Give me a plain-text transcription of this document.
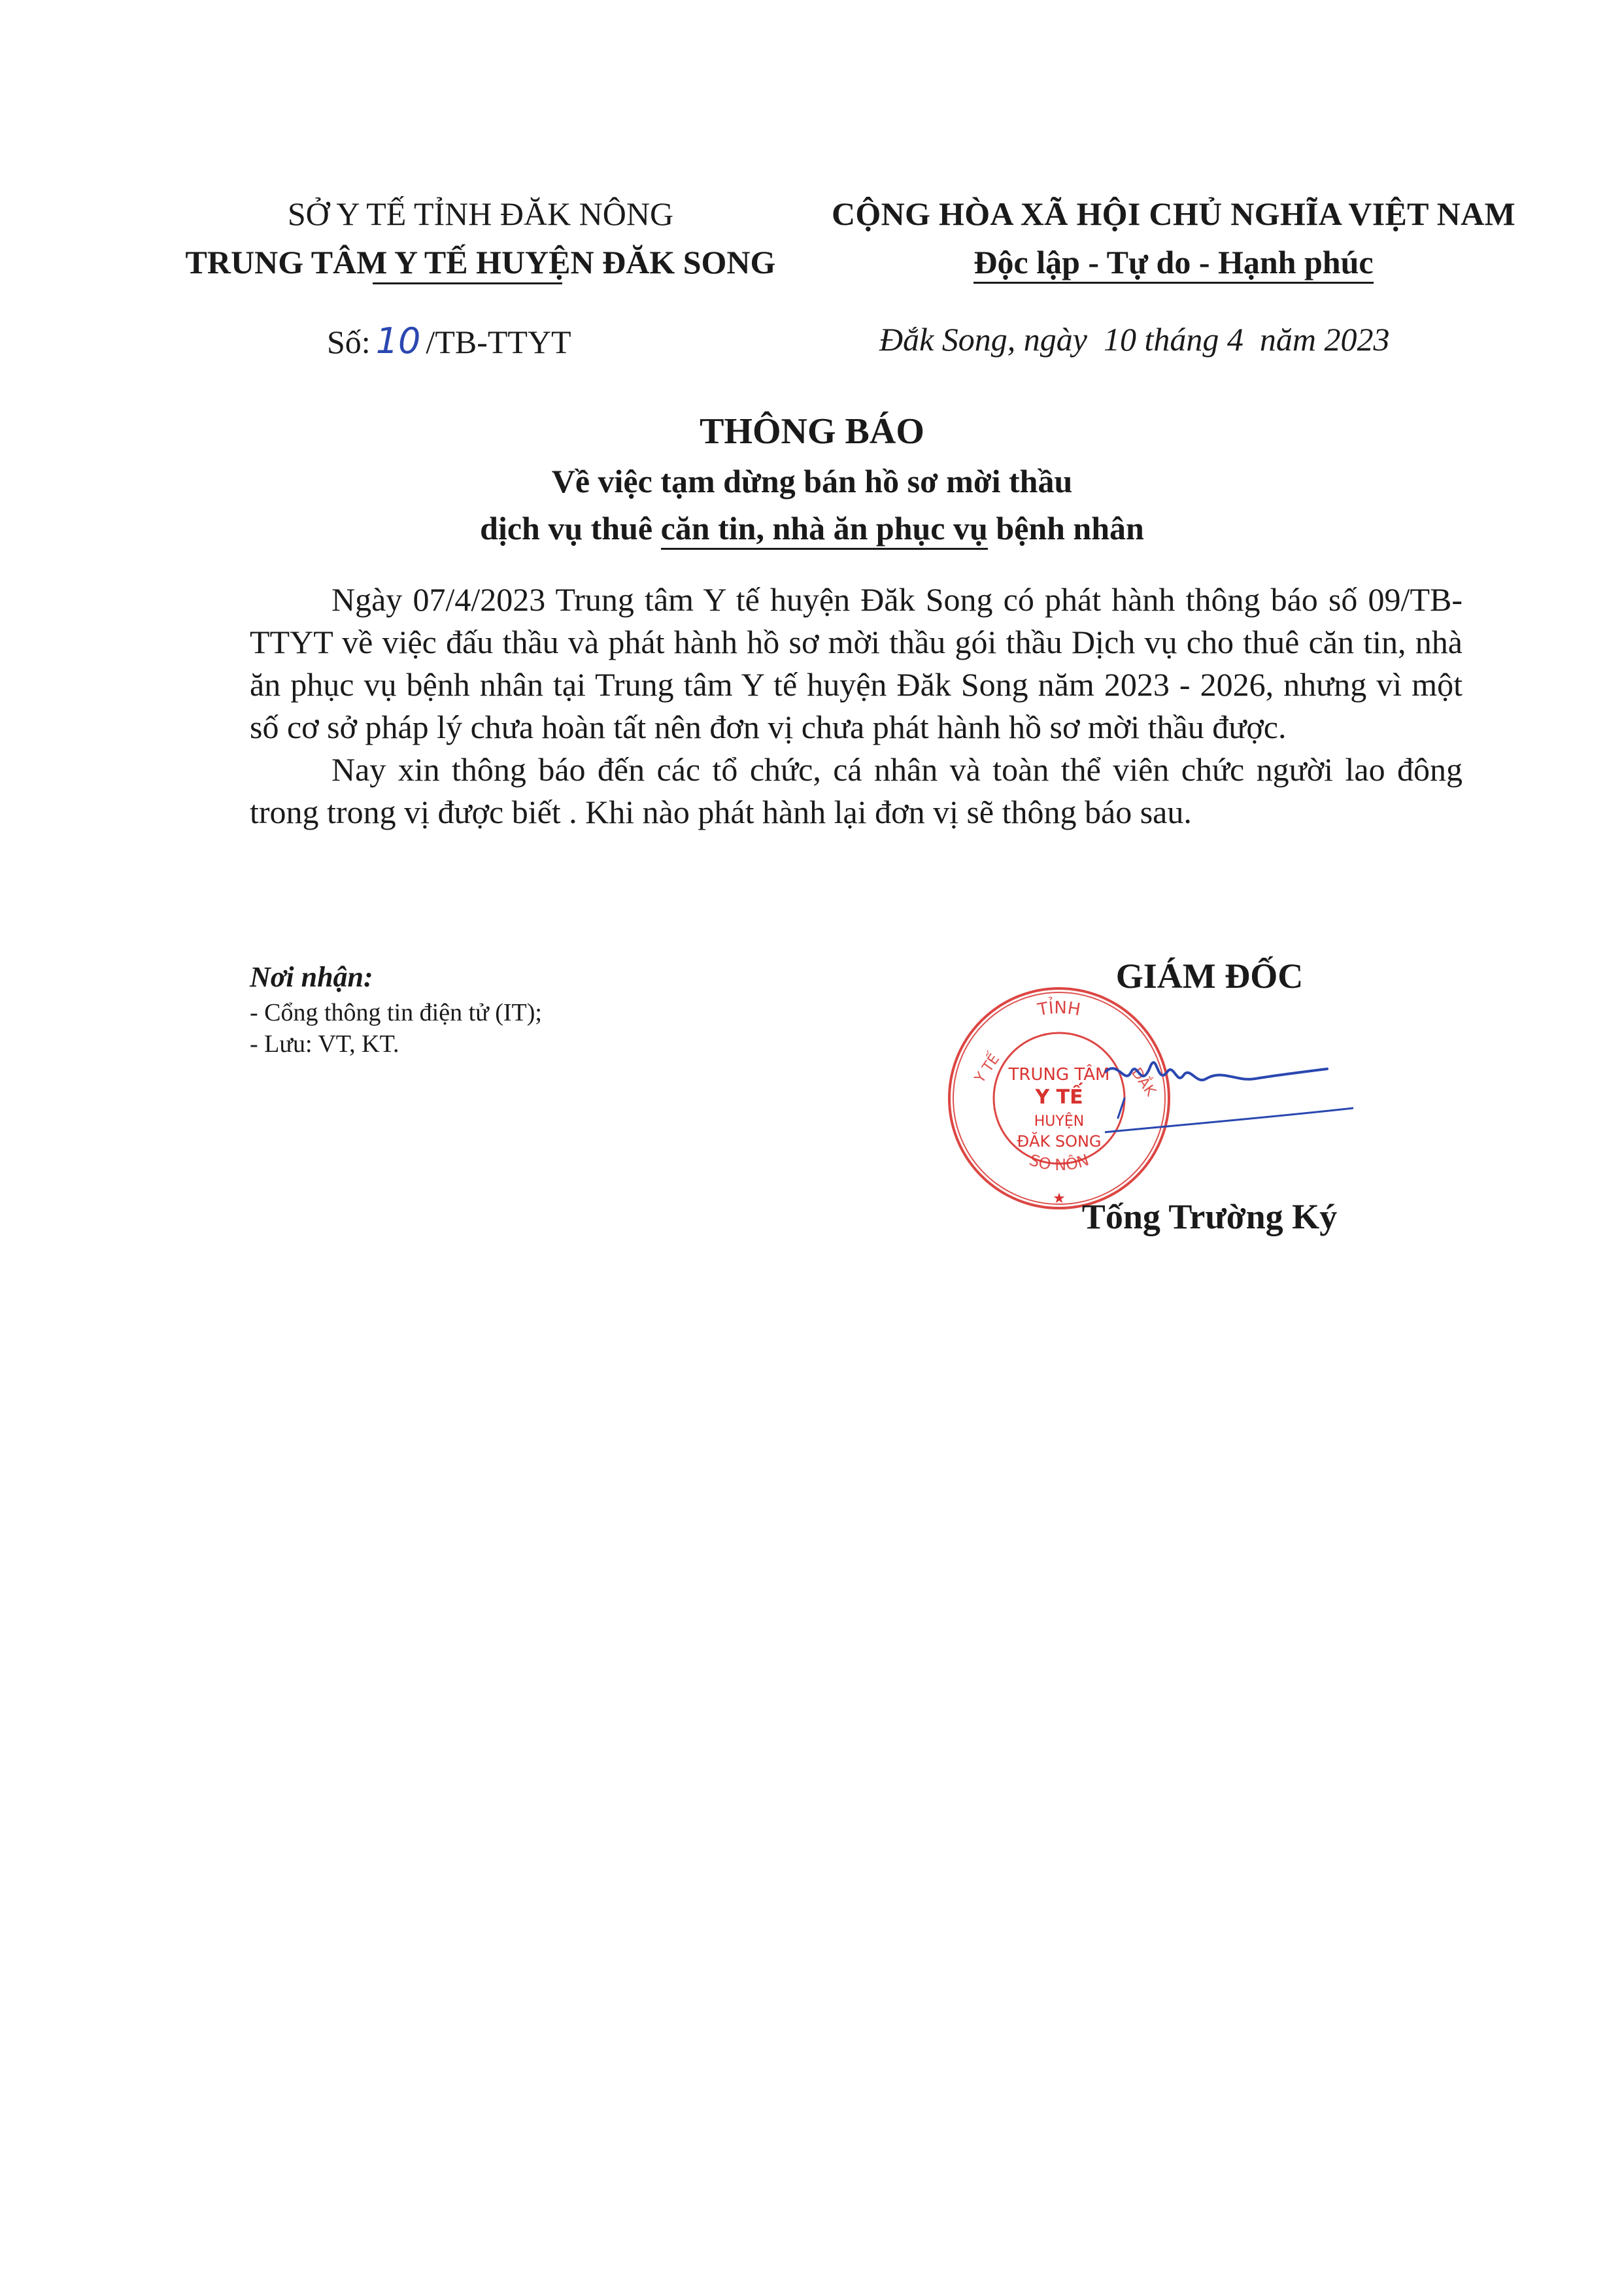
SỞ Y TẾ TỈNH ĐĂK NÔNG
TRUNG TÂM Y TẾ HUYỆN ĐĂK SONG
CỘNG HÒA XÃ HỘI CHỦ NGHĨA VIỆT NAM
Độc lập - Tự do - Hạnh phúc
Số: 10 /TB-TTYT	Đắk Song, ngày  10 tháng 4  năm 2023
THÔNG BÁO
Về việc tạm dừng bán hồ sơ mời thầu
dịch vụ thuê căn tin, nhà ăn phục vụ bệnh nhân

Ngày 07/4/2023 Trung tâm Y tế huyện Đăk Song có phát hành thông báo số 09/TB-TTYT về việc đấu thầu và phát hành hồ sơ mời thầu gói thầu Dịch vụ cho thuê căn tin, nhà ăn phục vụ bệnh nhân tại Trung tâm Y tế huyện Đăk Song năm 2023 - 2026, nhưng vì một số cơ sở pháp lý chưa hoàn tất nên đơn vị chưa phát hành hồ sơ mời thầu được.

Nay xin thông báo đến các tổ chức, cá nhân và toàn thể viên chức người lao đông trong trong vị được biết . Khi nào phát hành lại đơn vị sẽ thông báo sau.

Nơi nhận:
- Cổng thông tin điện tử (IT);
- Lưu: VT, KT.
TỈNH
Y TẾ	ĐẮK
SO NÔN
TRUNG TÂM
Y TẾ
HUYỆN
ĐĂK SONG
★
GIÁM ĐỐC
Tống Trường Ký
